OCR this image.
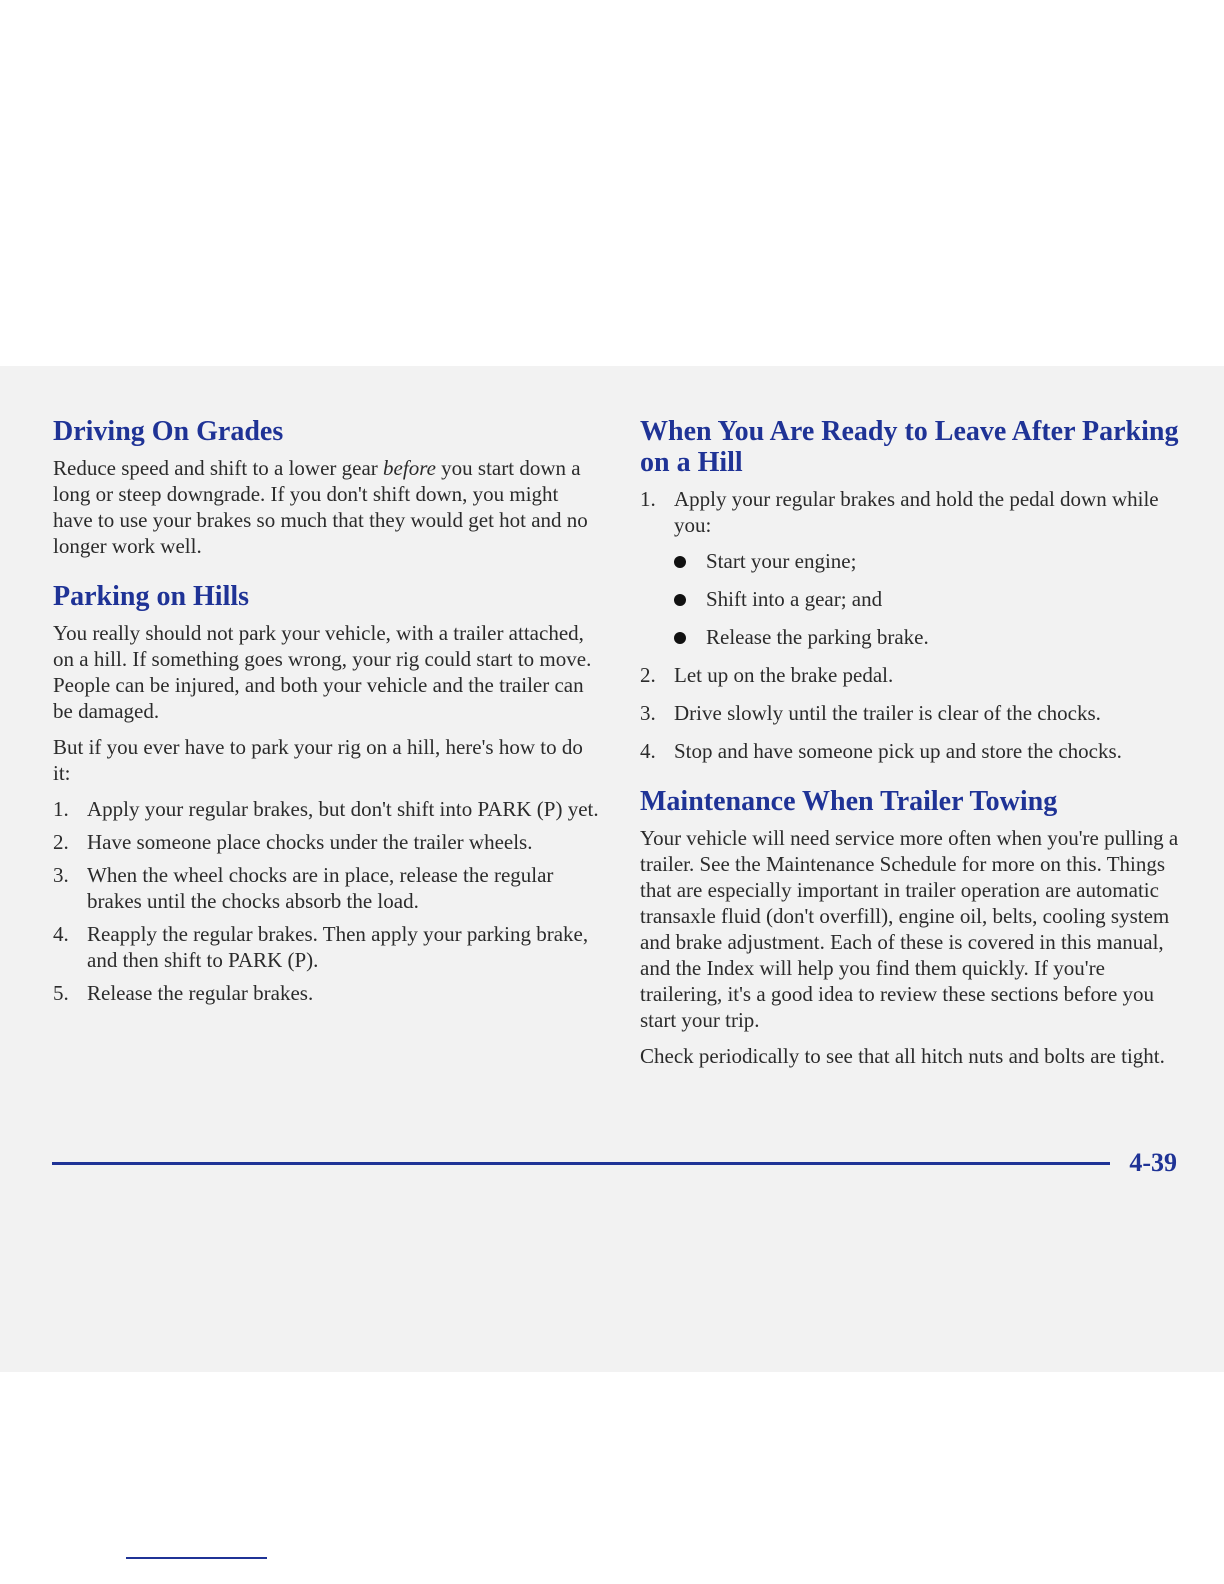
Driving On Grades

Reduce speed and shift to a lower gear before you start down a long or steep downgrade. If you don't shift down, you might have to use your brakes so much that they would get hot and no longer work well.

Parking on Hills

You really should not park your vehicle, with a trailer attached, on a hill. If something goes wrong, your rig could start to move. People can be injured, and both your vehicle and the trailer can be damaged.

But if you ever have to park your rig on a hill, here's how to do it:

1. Apply your regular brakes, but don't shift into PARK (P) yet.
2. Have someone place chocks under the trailer wheels.
3. When the wheel chocks are in place, release the regular brakes until the chocks absorb the load.
4. Reapply the regular brakes. Then apply your parking brake, and then shift to PARK (P).
5. Release the regular brakes.
When You Are Ready to Leave After Parking on a Hill
1. Apply your regular brakes and hold the pedal down while you:
Start your engine;
Shift into a gear; and
Release the parking brake.
2. Let up on the brake pedal.
3. Drive slowly until the trailer is clear of the chocks.
4. Stop and have someone pick up and store the chocks.
Maintenance When Trailer Towing

Your vehicle will need service more often when you're pulling a trailer. See the Maintenance Schedule for more on this. Things that are especially important in trailer operation are automatic transaxle fluid (don't overfill), engine oil, belts, cooling system and brake adjustment. Each of these is covered in this manual, and the Index will help you find them quickly. If you're trailering, it's a good idea to review these sections before you start your trip.

Check periodically to see that all hitch nuts and bolts are tight.

4-39
